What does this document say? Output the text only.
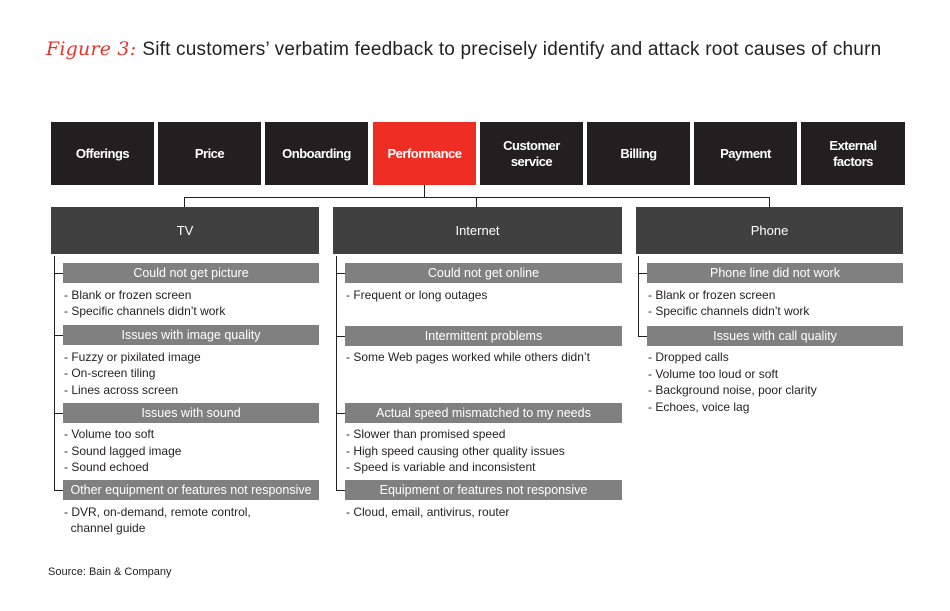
Figure 3: Sift customers’ verbatim feedback to precisely identify and attack root causes of churn
Offerings	Price	Onboarding	Performance
Customer service
Billing	Payment
External factors
TV	Internet	Phone
Source: Bain & Company
Could not get picture
- Blank or frozen screen
- Specific channels didn’t work
Issues with image quality
- Fuzzy or pixilated image
- On-screen tiling
- Lines across screen
Issues with sound
- Volume too soft
- Sound lagged image
- Sound echoed
Other equipment or features not responsive
- DVR, on-demand, remote control,
channel guide
Could not get online
- Frequent or long outages
Intermittent problems
- Some Web pages worked while others didn’t
Actual speed mismatched to my needs
- Slower than promised speed
- High speed causing other quality issues
- Speed is variable and inconsistent
Equipment or features not responsive
- Cloud, email, antivirus, router
Phone line did not work
- Blank or frozen screen
- Specific channels didn’t work
Issues with call quality
- Dropped calls
- Volume too loud or soft
- Background noise, poor clarity
- Echoes, voice lag
